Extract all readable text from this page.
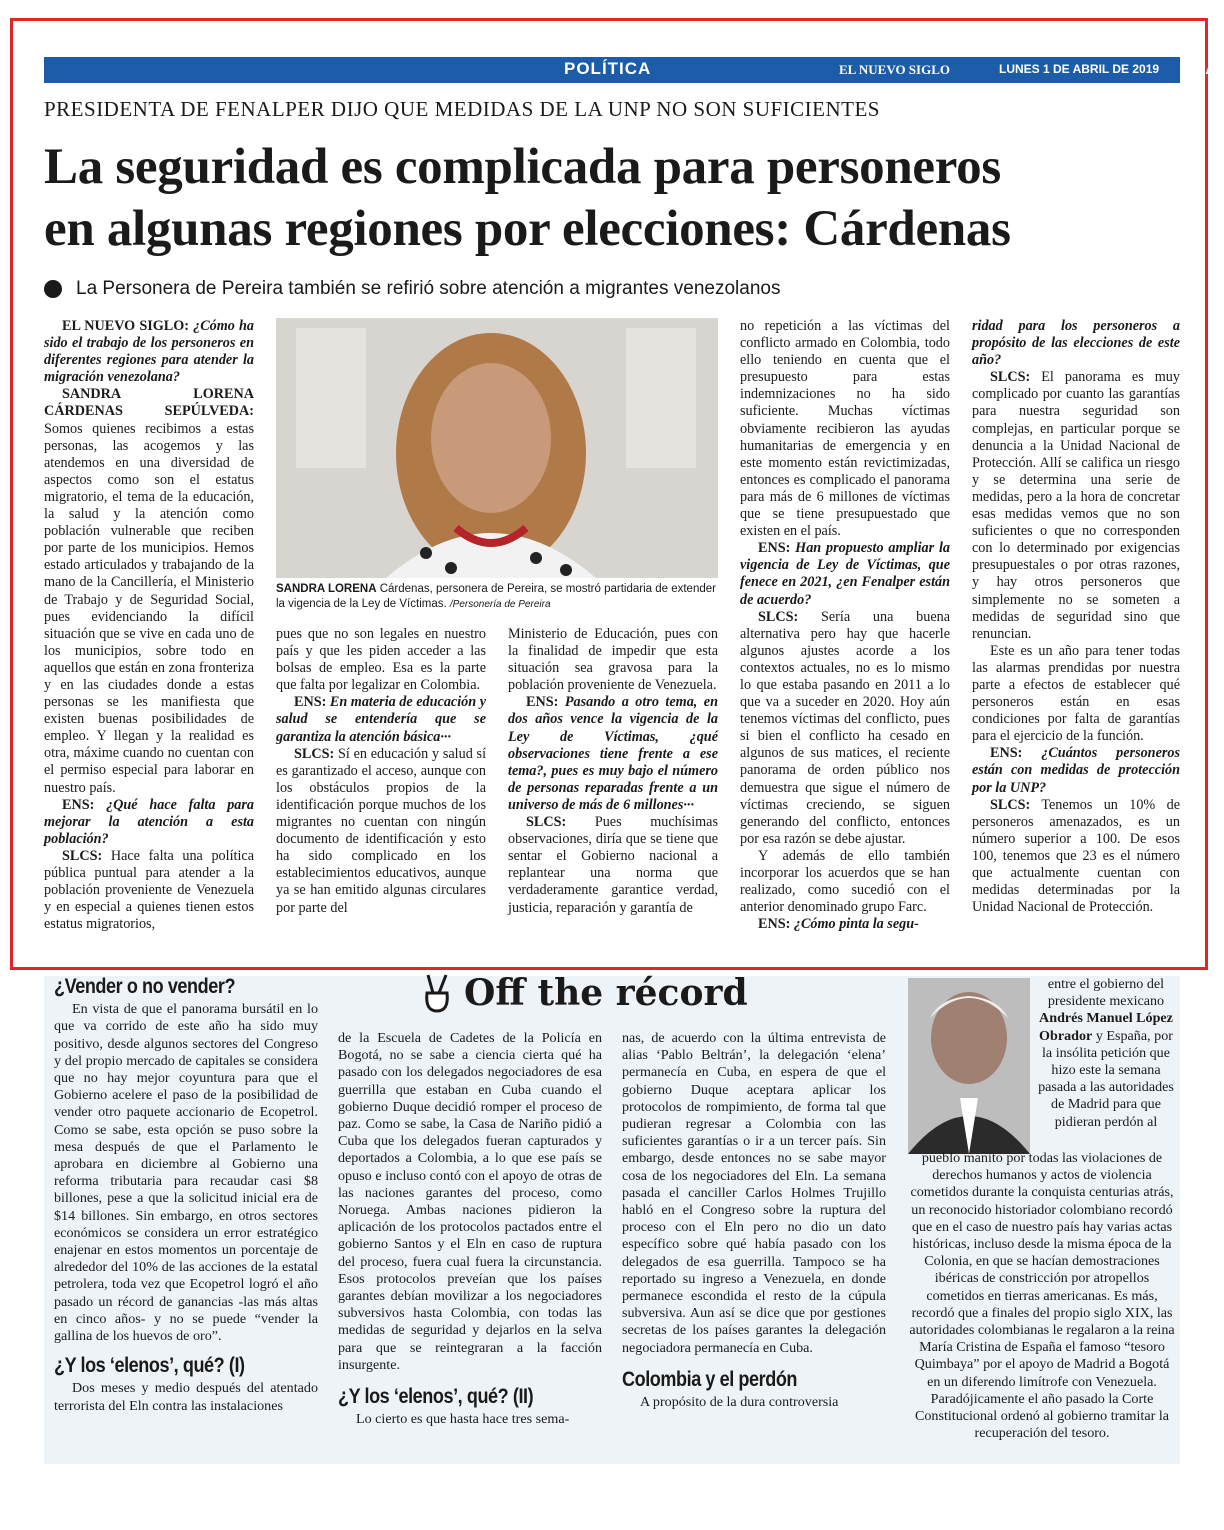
POLÍTICA	EL NUEVO SIGLO	LUNES 1 DE ABRIL DE 2019 11A
PRESIDENTA DE FENALPER DIJO QUE MEDIDAS DE LA UNP NO SON SUFICIENTES
La seguridad es complicada para personeros
en algunas regiones por elecciones: Cárdenas
La Personera de Pereira también se refirió sobre atención a migrantes venezolanos

EL NUEVO SIGLO: ¿Cómo ha sido el trabajo de los personeros en diferentes regiones para atender la migración venezolana?

SANDRA LORENA CÁRDENAS SEPÚLVEDA: Somos quienes recibimos a estas personas, las acogemos y las atendemos en una diversidad de aspectos como son el estatus migratorio, el tema de la educación, la salud y la atención como población vulnerable que reciben por parte de los municipios. Hemos estado articulados y trabajando de la mano de la Cancillería, el Ministerio de Trabajo y de Seguridad Social, pues evidenciando la difícil situación que se vive en cada uno de los municipios, sobre todo en aquellos que están en zona fronteriza y en las ciudades donde a estas personas se les manifiesta que existen buenas posibilidades de empleo. Y llegan y la realidad es otra, máxime cuando no cuentan con el permiso especial para laborar en nuestro país.

ENS: ¿Qué hace falta para mejorar la atención a esta población?

SLCS: Hace falta una política pública puntual para atender a la población proveniente de Venezuela y en especial a quienes tienen estos estatus migratorios,

SANDRA LORENA Cárdenas, personera de Pereira, se mostró partidaria de extender la vigencia de la Ley de Víctimas. /Personería de Pereira

pues que no son legales en nuestro país y que les piden acceder a las bolsas de empleo. Esa es la parte que falta por legalizar en Colombia.

ENS: En materia de educación y salud se entendería que se garantiza la atención básica···

SLCS: Sí en educación y salud sí es garantizado el acceso, aunque con los obstáculos propios de la identificación porque muchos de los migrantes no cuentan con ningún documento de identificación y esto ha sido complicado en los establecimientos educativos, aunque ya se han emitido algunas circulares por parte del

Ministerio de Educación, pues con la finalidad de impedir que esta situación sea gravosa para la población proveniente de Venezuela.

ENS: Pasando a otro tema, en dos años vence la vigencia de la Ley de Víctimas, ¿qué observaciones tiene frente a ese tema?, pues es muy bajo el número de personas reparadas frente a un universo de más de 6 millones···

SLCS: Pues muchísimas observaciones, diría que se tiene que sentar el Gobierno nacional a replantear una norma que verdaderamente garantice verdad, justicia, reparación y garantía de

no repetición a las víctimas del conflicto armado en Colombia, todo ello teniendo en cuenta que el presupuesto para estas indemnizaciones no ha sido suficiente. Muchas víctimas obviamente recibieron las ayudas humanitarias de emergencia y en este momento están revictimizadas, entonces es complicado el panorama para más de 6 millones de víctimas que se tiene presupuestado que existen en el país.

ENS: Han propuesto ampliar la vigencia de Ley de Víctimas, que fenece en 2021, ¿en Fenalper están de acuerdo?

SLCS: Sería una buena alternativa pero hay que hacerle algunos ajustes acorde a los contextos actuales, no es lo mismo lo que estaba pasando en 2011 a lo que va a suceder en 2020. Hoy aún tenemos víctimas del conflicto, pues si bien el conflicto ha cesado en algunos de sus matices, el reciente panorama de orden público nos demuestra que sigue el número de víctimas creciendo, se siguen generando del conflicto, entonces por esa razón se debe ajustar.

Y además de ello también incorporar los acuerdos que se han realizado, como sucedió con el anterior denominado grupo Farc.

ENS: ¿Cómo pinta la segu-

ridad para los personeros a propósito de las elecciones de este año?

SLCS: El panorama es muy complicado por cuanto las garantías para nuestra seguridad son complejas, en particular porque se denuncia a la Unidad Nacional de Protección. Allí se califica un riesgo y se determina una serie de medidas, pero a la hora de concretar esas medidas vemos que no son suficientes o que no corresponden con lo determinado por exigencias presupuestales o por otras razones, y hay otros personeros que simplemente no se someten a medidas de seguridad sino que renuncian.

Este es un año para tener todas las alarmas prendidas por nuestra parte a efectos de establecer qué personeros están en esas condiciones por falta de garantías para el ejercicio de la función.

ENS: ¿Cuántos personeros están con medidas de protección por la UNP?

SLCS: Tenemos un 10% de personeros amenazados, es un número superior a 100. De esos 100, tenemos que 23 es el número que actualmente cuentan con medidas determinadas por la Unidad Nacional de Protección.

Off the récord
¿Vender o no vender?

En vista de que el panorama bursátil en lo que va corrido de este año ha sido muy positivo, desde algunos sectores del Congreso y del propio mercado de capitales se considera que no hay mejor coyuntura para que el Gobierno acelere el paso de la posibilidad de vender otro paquete accionario de Ecopetrol. Como se sabe, esta opción se puso sobre la mesa después de que el Parlamento le aprobara en diciembre al Gobierno una reforma tributaria para recaudar casi $8 billones, pese a que la solicitud inicial era de $14 billones. Sin embargo, en otros sectores económicos se considera un error estratégico enajenar en estos momentos un porcentaje de alrededor del 10% de las acciones de la estatal petrolera, toda vez que Ecopetrol logró el año pasado un récord de ganancias -las más altas en cinco años- y no se puede “vender la gallina de los huevos de oro”.

¿Y los ‘elenos’, qué? (I)

Dos meses y medio después del atentado terrorista del Eln contra las instalaciones

de la Escuela de Cadetes de la Policía en Bogotá, no se sabe a ciencia cierta qué ha pasado con los delegados negociadores de esa guerrilla que estaban en Cuba cuando el gobierno Duque decidió romper el proceso de paz. Como se sabe, la Casa de Nariño pidió a Cuba que los delegados fueran capturados y deportados a Colombia, a lo que ese país se opuso e incluso contó con el apoyo de otras de las naciones garantes del proceso, como Noruega. Ambas naciones pidieron la aplicación de los protocolos pactados entre el gobierno Santos y el Eln en caso de ruptura del proceso, fuera cual fuera la circunstancia. Esos protocolos preveían que los países garantes debían movilizar a los negociadores subversivos hasta Colombia, con todas las medidas de seguridad y dejarlos en la selva para que se reintegraran a la facción insurgente.

¿Y los ‘elenos’, qué? (II)

Lo cierto es que hasta hace tres sema-

nas, de acuerdo con la última entrevista de alias ‘Pablo Beltrán’, la delegación ‘elena’ permanecía en Cuba, en espera de que el gobierno Duque aceptara aplicar los protocolos de rompimiento, de forma tal que pudieran regresar a Colombia con las suficientes garantías o ir a un tercer país. Sin embargo, desde entonces no se sabe mayor cosa de los negociadores del Eln. La semana pasada el canciller Carlos Holmes Trujillo habló en el Congreso sobre la ruptura del proceso con el Eln pero no dio un dato específico sobre qué había pasado con los delegados de esa guerrilla. Tampoco se ha reportado su ingreso a Venezuela, en donde permanece escondida el resto de la cúpula subversiva. Aun así se dice que por gestiones secretas de los países garantes la delegación negociadora permanecía en Cuba.

Colombia y el perdón

A propósito de la dura controversia

entre el gobierno del presidente mexicano Andrés Manuel López Obrador y España, por la insólita petición que hizo este la semana pasada a las autoridades de Madrid para que pidieran perdón al

pueblo manito por todas las violaciones de derechos humanos y actos de violencia cometidos durante la conquista centurias atrás, un reconocido historiador colombiano recordó que en el caso de nuestro país hay varias actas históricas, incluso desde la misma época de la Colonia, en que se hacían demostraciones ibéricas de constricción por atropellos cometidos en tierras americanas. Es más, recordó que a finales del propio siglo XIX, las autoridades colombianas le regalaron a la reina María Cristina de España el famoso “tesoro Quimbaya” por el apoyo de Madrid a Bogotá en un diferendo limítrofe con Venezuela. Paradójicamente el año pasado la Corte Constitucional ordenó al gobierno tramitar la recuperación del tesoro.
